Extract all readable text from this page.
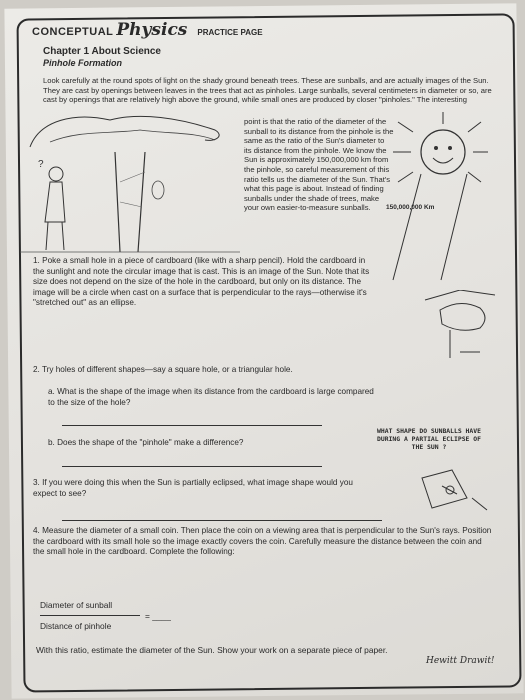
CONCEPTUAL Physics PRACTICE PAGE
Chapter 1 About Science
Pinhole Formation
Look carefully at the round spots of light on the shady ground beneath trees. These are sunballs, and are actually images of the Sun. They are cast by openings between leaves in the trees that act as pinholes. Large sunballs, several centimeters in diameter or so, are cast by openings that are relatively high above the ground, while small ones are produced by closer "pinholes." The interesting
point is that the ratio of the diameter of the sunball to its distance from the pinhole is the same as the ratio of the Sun's diameter to its distance from the pinhole. We know the Sun is approximately 150,000,000 km from the pinhole, so careful measurement of this ratio tells us the diameter of the Sun. That's what this page is about. Instead of finding sunballs under the shade of trees, make your own easier-to-measure sunballs.
?
150,000,000 Km
1. Poke a small hole in a piece of cardboard (like with a sharp pencil). Hold the cardboard in the sunlight and note the circular image that is cast. This is an image of the Sun. Note that its size does not depend on the size of the hole in the cardboard, but only on its distance. The image will be a circle when cast on a surface that is perpendicular to the rays—otherwise it's "stretched out" as an ellipse.
2. Try holes of different shapes—say a square hole, or a triangular hole.
a. What is the shape of the image when its distance from the cardboard is large compared to the size of the hole?
b. Does the shape of the "pinhole" make a difference?
WHAT SHAPE DO SUNBALLS HAVE DURING A PARTIAL ECLIPSE OF THE SUN ?
3. If you were doing this when the Sun is partially eclipsed, what image shape would you expect to see?
4. Measure the diameter of a small coin. Then place the coin on a viewing area that is perpendicular to the Sun's rays. Position the cardboard with its small hole so the image exactly covers the coin. Carefully measure the distance between the coin and the small hole in the cardboard. Complete the following:
Diameter of sunball
= ____
Distance of pinhole
With this ratio, estimate the diameter of the Sun. Show your work on a separate piece of paper.
Hewitt Drawit!
